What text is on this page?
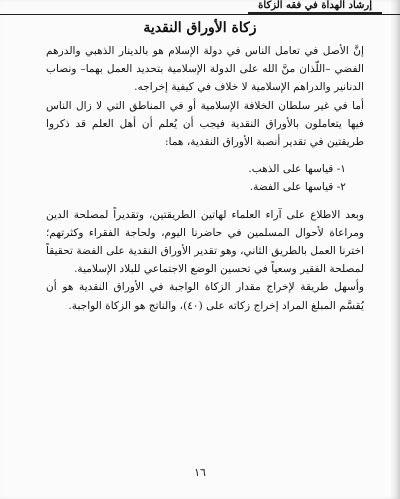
إرشاد الهداة في فقه الزكاة
زكاة الأوراق النقدية

إنَّ الأصل في تعامل الناس في دولة الإسلام هو بالدينار الذهبي والدرهم الفضي –اللّذان منَّ الله على الدولة الإسلامية بتحديد العمل بهما– ونصاب الدنانير والدراهم الإسلامية لا خلاف في كيفية إخراجه.

أما في غير سلطان الخلافة الإسلامية أو في المناطق التي لا زال الناس فيها يتعاملون بالأوراق النقدية فيجب أن يُعلم أن أهل العلم قد ذكروا طريقتين في تقدير أنصبة الأوراق النقدية، هما:

١- قياسها على الذهب.

٢- قياسها على الفضة.

وبعد الاطلاع على آراء العلماء لهاتين الطريقتين، وتقديراً لمصلحة الدين ومراعاة لأحوال المسلمين في حاضرنا اليوم، ولحاجة الفقراء وكثرتهم؛ اخترنا العمل بالطريق الثاني، وهو تقدير الأوراق النقدية على الفضة تحقيقاً لمصلحة الفقير وسعياً في تحسين الوضع الاجتماعي للبلاد الإسلامية.

وأسهل طريقة لإخراج مقدار الزكاة الواجبة في الأوراق النقدية هو أن يُقسَّم المبلغ المراد إخراج زكاته على (٤٠)، والناتج هو الزكاة الواجبة.

١٦
